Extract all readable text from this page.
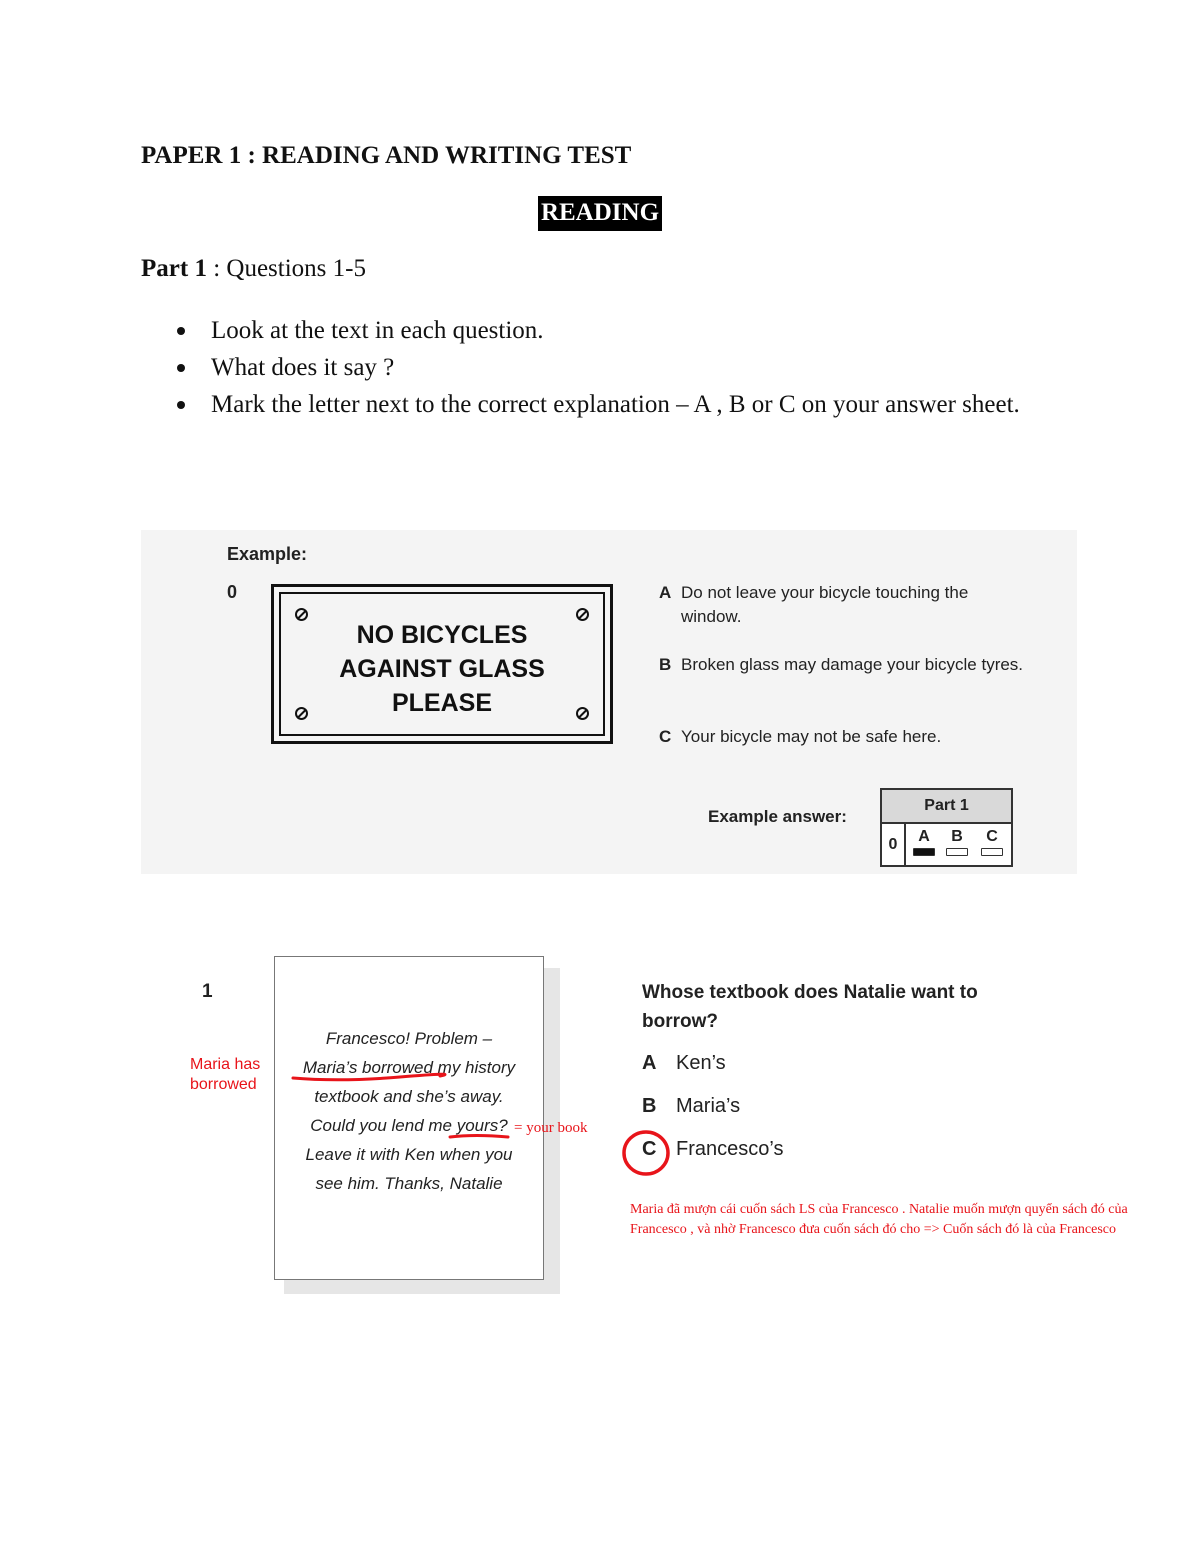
PAPER 1 : READING AND WRITING TEST
READING
Part 1 : Questions 1-5
Look at the text in each question.
What does it say ?
Mark the letter next to the correct explanation – A , B or C on your answer sheet.
Example:
0
NO BICYCLES
AGAINST GLASS
PLEASE
A Do not leave your bicycle touching the window.
B Broken glass may damage your bicycle tyres.
C Your bicycle may not be safe here.
Example answer:
Part 1
0	A	B	C
1
Francesco! Problem –
Maria’s borrowed my history
textbook and she’s away.
Could you lend me yours?
Leave it with Ken when you
see him. Thanks, Natalie
Whose textbook does Natalie want to borrow?
A Ken’s
B Maria’s
C Francesco’s
Maria has borrowed
= your book
Maria đã mượn cái cuốn sách LS của Francesco . Natalie muốn mượn quyển sách đó của Francesco , và nhờ Francesco đưa cuốn sách đó cho => Cuốn sách đó là của Francesco
